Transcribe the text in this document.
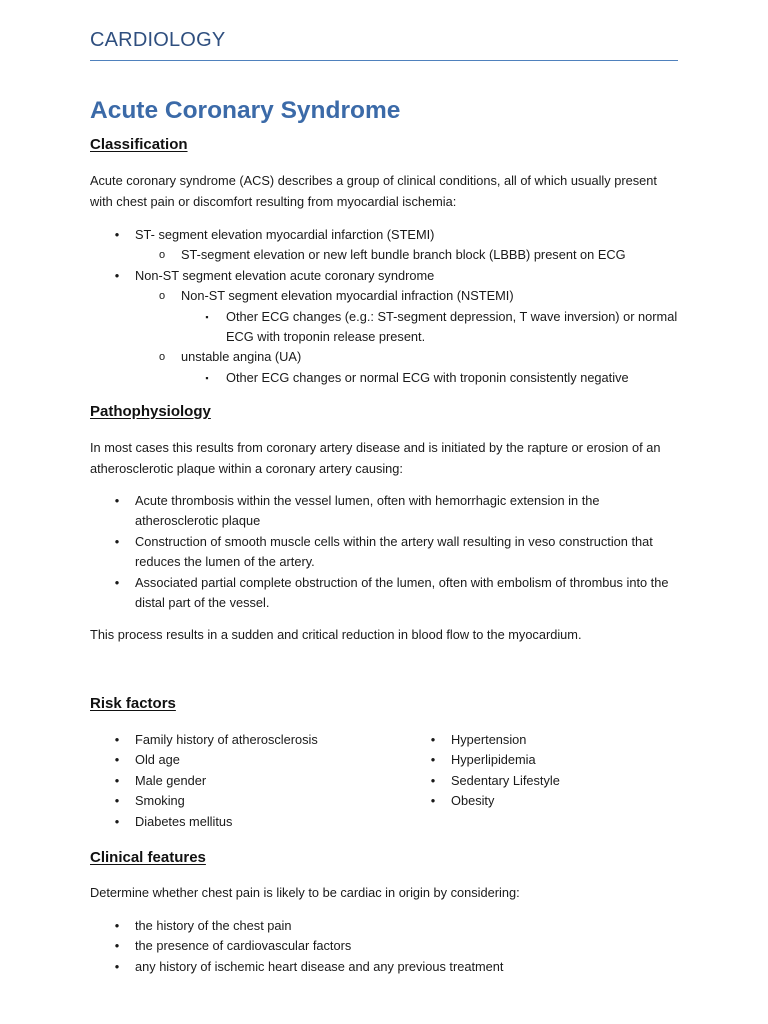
CARDIOLOGY
Acute Coronary Syndrome
Classification

Acute coronary syndrome (ACS) describes a group of clinical conditions, all of which usually present with chest pain or discomfort resulting from myocardial ischemia:

• ST- segment elevation myocardial infarction (STEMI)
o ST-segment elevation or new left bundle branch block (LBBB) present on ECG
• Non-ST segment elevation acute coronary syndrome
o Non-ST segment elevation myocardial infraction (NSTEMI)
▪	Other ECG changes (e.g.: ST-segment depression, T wave inversion) or normal ECG with troponin release present.
o unstable angina (UA)
▪	Other ECG changes or normal ECG with troponin consistently negative
Pathophysiology

In most cases this results from coronary artery disease and is initiated by the rapture or erosion of an atherosclerotic plaque within a coronary artery causing:

• Acute thrombosis within the vessel lumen, often with hemorrhagic extension in the atherosclerotic plaque
• Construction of smooth muscle cells within the artery wall resulting in veso construction that reduces the lumen of the artery.
• Associated partial complete obstruction of the lumen, often with embolism of thrombus into the distal part of the vessel.

This process results in a sudden and critical reduction in blood flow to the myocardium.

Risk factors
• Family history of atherosclerosis
• Old age
• Male gender
• Smoking
• Diabetes mellitus
• Hypertension
• Hyperlipidemia
• Sedentary Lifestyle
• Obesity
Clinical features

Determine whether chest pain is likely to be cardiac in origin by considering:

• the history of the chest pain
• the presence of cardiovascular factors
• any history of ischemic heart disease and any previous treatment
